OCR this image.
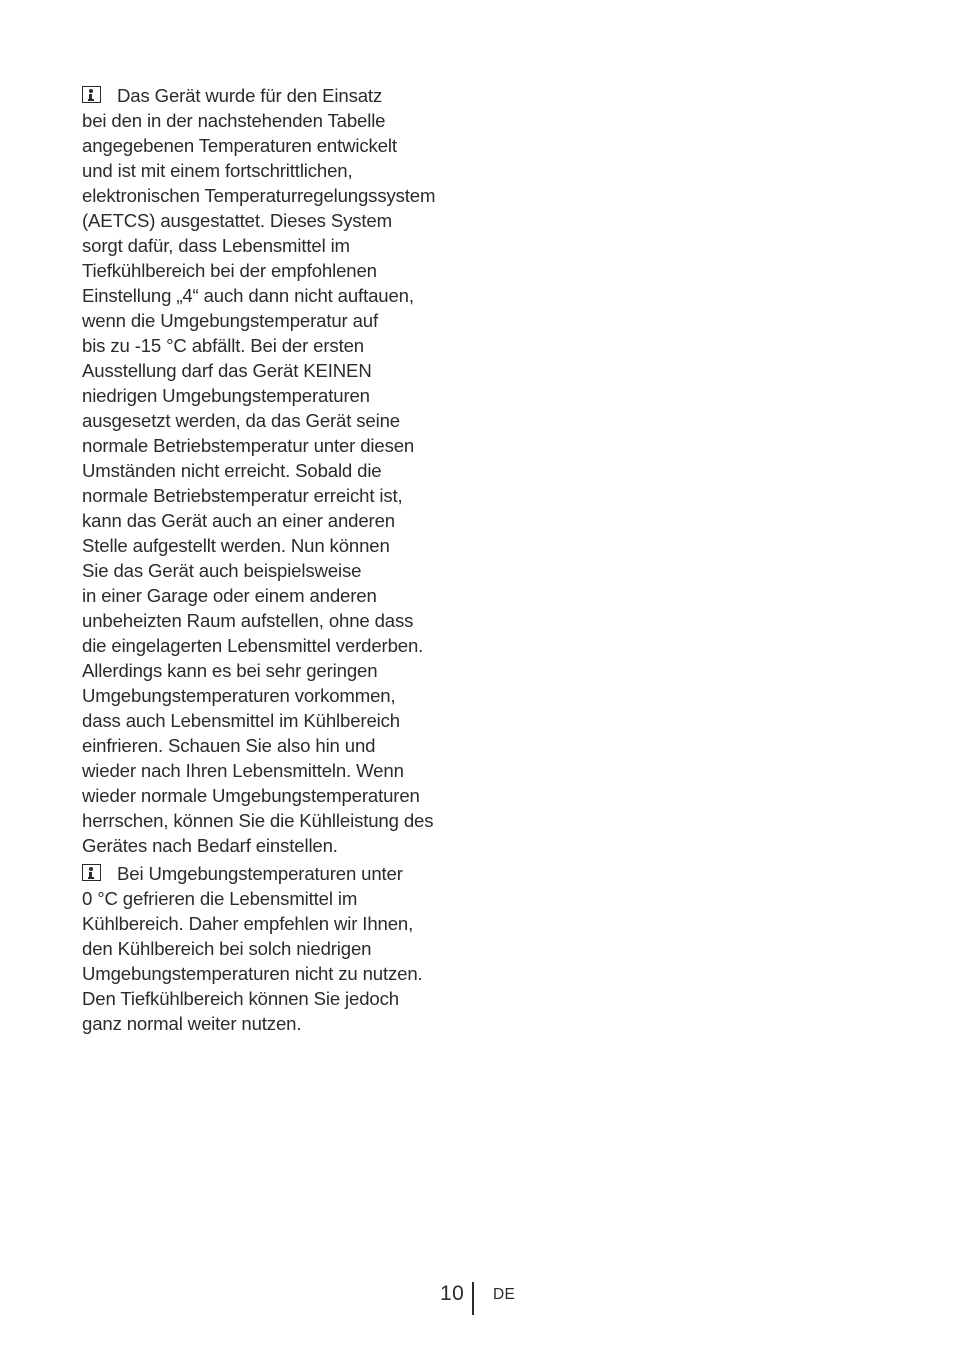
Das Gerät wurde für den Einsatz
bei den in der nachstehenden Tabelle
angegebenen Temperaturen entwickelt
und ist mit einem fortschrittlichen,
elektronischen Temperaturregelungssystem
(AETCS) ausgestattet. Dieses System
sorgt dafür, dass Lebensmittel im
Tiefkühlbereich bei der empfohlenen
Einstellung „4“ auch dann nicht auftauen,
wenn die Umgebungstemperatur auf
bis zu -15 °C abfällt. Bei der ersten
Ausstellung darf das Gerät KEINEN
niedrigen Umgebungstemperaturen
ausgesetzt werden, da das Gerät seine
normale Betriebstemperatur unter diesen
Umständen nicht erreicht. Sobald die
normale Betriebstemperatur erreicht ist,
kann das Gerät auch an einer anderen
Stelle aufgestellt werden. Nun können
Sie das Gerät auch beispielsweise
in einer Garage oder einem anderen
unbeheizten Raum aufstellen, ohne dass
die eingelagerten Lebensmittel verderben.
Allerdings kann es bei sehr geringen
Umgebungstemperaturen vorkommen,
dass auch Lebensmittel im Kühlbereich
einfrieren. Schauen Sie also hin und
wieder nach Ihren Lebensmitteln. Wenn
wieder normale Umgebungstemperaturen
herrschen, können Sie die Kühlleistung des
Gerätes nach Bedarf einstellen.
Bei Umgebungstemperaturen unter
0 °C gefrieren die Lebensmittel im
Kühlbereich. Daher empfehlen wir Ihnen,
den Kühlbereich bei solch niedrigen
Umgebungstemperaturen nicht zu nutzen.
Den Tiefkühlbereich können Sie jedoch
ganz normal weiter nutzen.
10 DE
